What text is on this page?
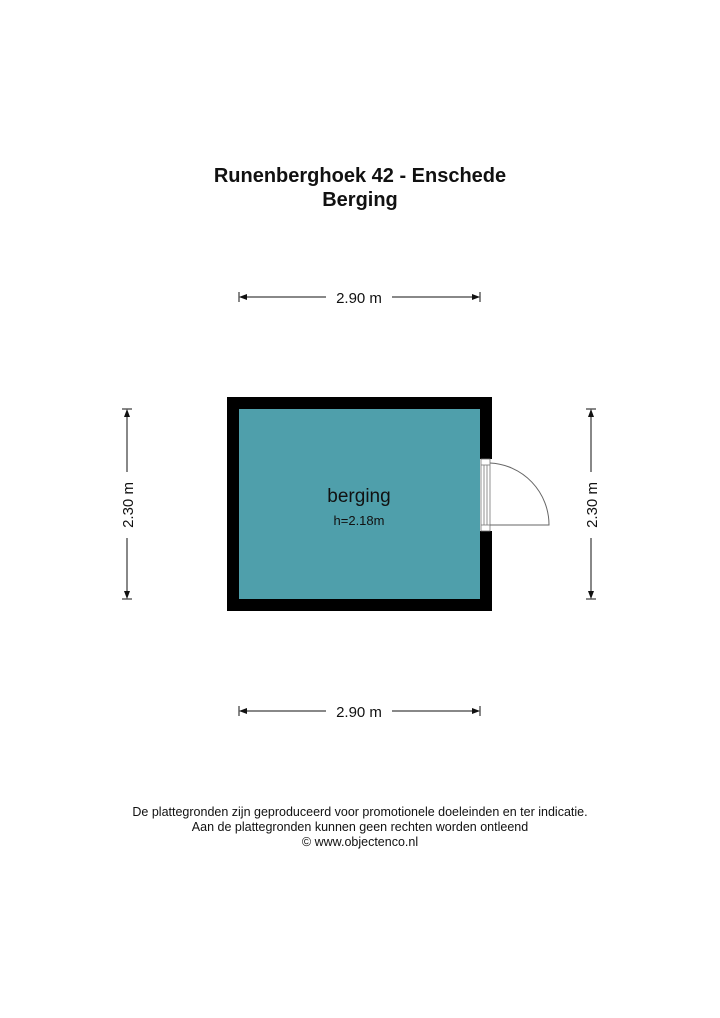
Runenberghoek 42 - Enschede
Berging
berging
h=2.18m
2.90 m
2.90 m
2.30 m	2.30 m
De plattegronden zijn geproduceerd voor promotionele doeleinden en ter indicatie.
Aan de plattegronden kunnen geen rechten worden ontleend
© www.objectenco.nl
